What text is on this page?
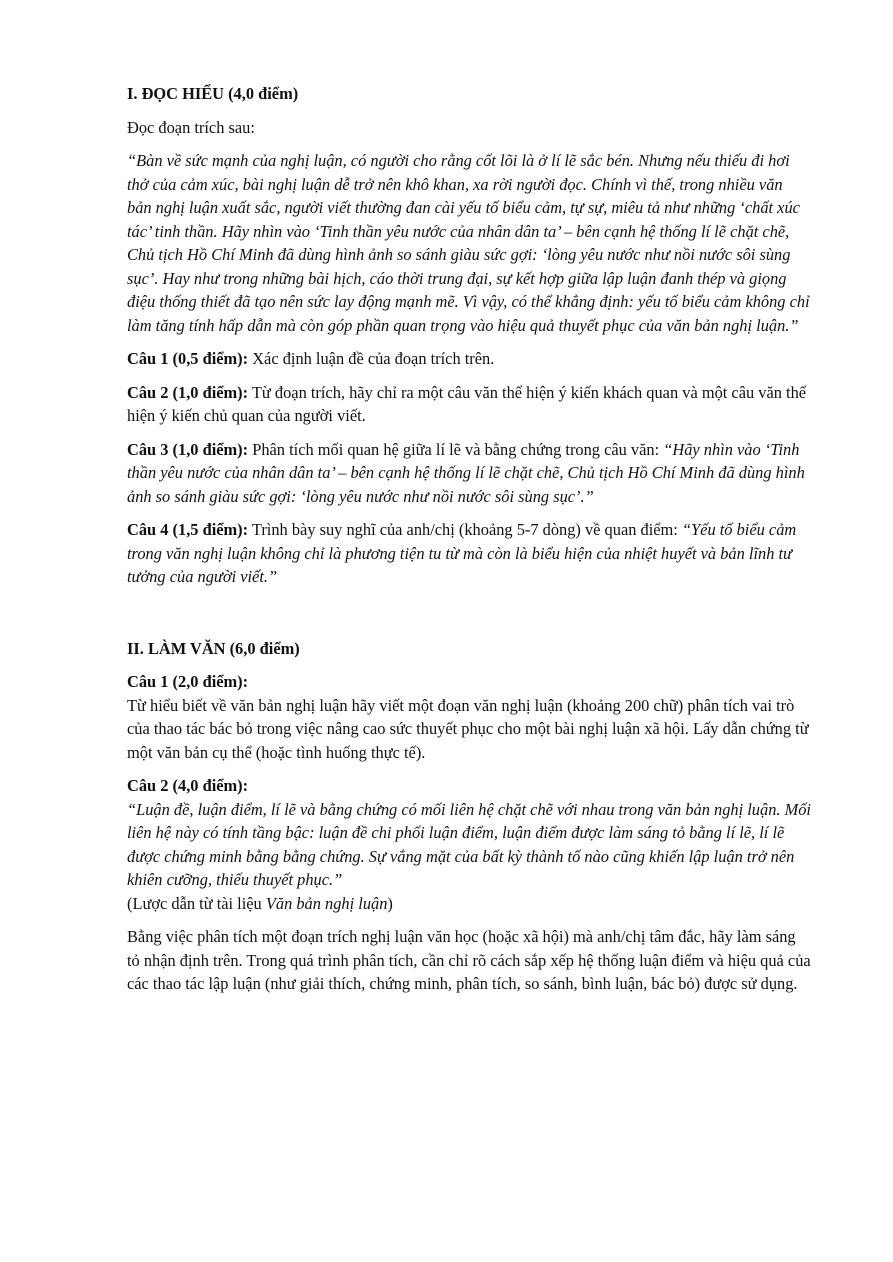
I. ĐỌC HIỂU (4,0 điểm)

Đọc đoạn trích sau:

“Bàn về sức mạnh của nghị luận, có người cho rằng cốt lõi là ở lí lẽ sắc bén. Nhưng nếu thiếu đi hơi thở của cảm xúc, bài nghị luận dễ trở nên khô khan, xa rời người đọc. Chính vì thế, trong nhiều văn bản nghị luận xuất sắc, người viết thường đan cài yếu tố biểu cảm, tự sự, miêu tả như những ‘chất xúc tác’ tinh thần. Hãy nhìn vào ‘Tinh thần yêu nước của nhân dân ta’ – bên cạnh hệ thống lí lẽ chặt chẽ, Chủ tịch Hồ Chí Minh đã dùng hình ảnh so sánh giàu sức gợi: ‘lòng yêu nước như nồi nước sôi sùng sục’. Hay như trong những bài hịch, cáo thời trung đại, sự kết hợp giữa lập luận đanh thép và giọng điệu thống thiết đã tạo nên sức lay động mạnh mẽ. Vì vậy, có thể khẳng định: yếu tố biểu cảm không chỉ làm tăng tính hấp dẫn mà còn góp phần quan trọng vào hiệu quả thuyết phục của văn bản nghị luận.”

Câu 1 (0,5 điểm): Xác định luận đề của đoạn trích trên.

Câu 2 (1,0 điểm): Từ đoạn trích, hãy chỉ ra một câu văn thể hiện ý kiến khách quan và một câu văn thể hiện ý kiến chủ quan của người viết.

Câu 3 (1,0 điểm): Phân tích mối quan hệ giữa lí lẽ và bằng chứng trong câu văn: “Hãy nhìn vào ‘Tinh thần yêu nước của nhân dân ta’ – bên cạnh hệ thống lí lẽ chặt chẽ, Chủ tịch Hồ Chí Minh đã dùng hình ảnh so sánh giàu sức gợi: ‘lòng yêu nước như nồi nước sôi sùng sục’.”

Câu 4 (1,5 điểm): Trình bày suy nghĩ của anh/chị (khoảng 5-7 dòng) về quan điểm: “Yếu tố biểu cảm trong văn nghị luận không chỉ là phương tiện tu từ mà còn là biểu hiện của nhiệt huyết và bản lĩnh tư tưởng của người viết.”

II. LÀM VĂN (6,0 điểm)

Câu 1 (2,0 điểm):
Từ hiểu biết về văn bản nghị luận hãy viết một đoạn văn nghị luận (khoảng 200 chữ) phân tích vai trò của thao tác bác bỏ trong việc nâng cao sức thuyết phục cho một bài nghị luận xã hội. Lấy dẫn chứng từ một văn bản cụ thể (hoặc tình huống thực tế).
Câu 2 (4,0 điểm):

“Luận đề, luận điểm, lí lẽ và bằng chứng có mối liên hệ chặt chẽ với nhau trong văn bản nghị luận. Mối liên hệ này có tính tầng bậc: luận đề chi phối luận điểm, luận điểm được làm sáng tỏ bằng lí lẽ, lí lẽ được chứng minh bằng bằng chứng. Sự vắng mặt của bất kỳ thành tố nào cũng khiến lập luận trở nên khiên cưỡng, thiếu thuyết phục.”

(Lược dẫn từ tài liệu Văn bản nghị luận)

Bằng việc phân tích một đoạn trích nghị luận văn học (hoặc xã hội) mà anh/chị tâm đắc, hãy làm sáng tỏ nhận định trên. Trong quá trình phân tích, cần chỉ rõ cách sắp xếp hệ thống luận điểm và hiệu quả của các thao tác lập luận (như giải thích, chứng minh, phân tích, so sánh, bình luận, bác bỏ) được sử dụng.
